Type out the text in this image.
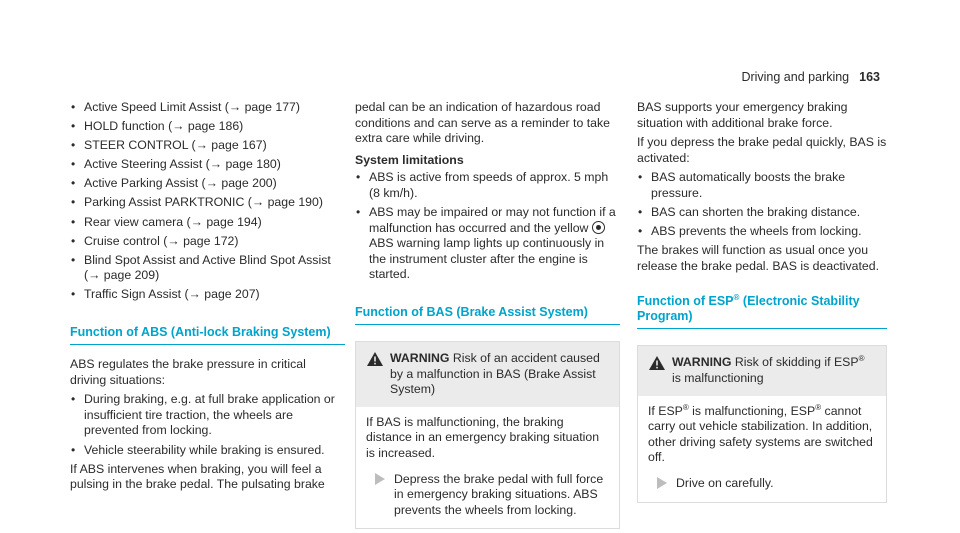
Driving and parking 163
• Active Speed Limit Assist (→ page 177)
• HOLD function (→ page 186)
• STEER CONTROL (→ page 167)
• Active Steering Assist (→ page 180)
• Active Parking Assist (→ page 200)
• Parking Assist PARKTRONIC (→ page 190)
• Rear view camera (→ page 194)
• Cruise control (→ page 172)
• Blind Spot Assist and Active Blind Spot Assist (→ page 209)
• Traffic Sign Assist (→ page 207)
Function of ABS (Anti-lock Braking System)

ABS regulates the brake pressure in critical driving situations:

• During braking, e.g. at full brake application or insufficient tire traction, the wheels are prevented from locking.
• Vehicle steerability while braking is ensured.

If ABS intervenes when braking, you will feel a pulsing in the brake pedal. The pulsating brake

pedal can be an indication of hazardous road conditions and can serve as a reminder to take extra care while driving.

System limitations
• ABS is active from speeds of approx. 5 mph (8 km/h).
• ABS may be impaired or may not function if a malfunction has occurred and the yellow ABS warning lamp lights up continuously in the instrument cluster after the engine is started.
Function of BAS (Brake Assist System)
WARNING Risk of an accident caused by a malfunction in BAS (Brake Assist System)

If BAS is malfunctioning, the braking distance in an emergency braking situation is increased.

Depress the brake pedal with full force in emergency braking situations. ABS prevents the wheels from locking.

BAS supports your emergency braking situation with additional brake force.

If you depress the brake pedal quickly, BAS is activated:

• BAS automatically boosts the brake pressure.
• BAS can shorten the braking distance.
• ABS prevents the wheels from locking.

The brakes will function as usual once you release the brake pedal. BAS is deactivated.

Function of ESP® (Electronic Stability Program)
WARNING Risk of skidding if ESP® is malfunctioning

If ESP® is malfunctioning, ESP® cannot carry out vehicle stabilization. In addition, other driving safety systems are switched off.

Drive on carefully.
